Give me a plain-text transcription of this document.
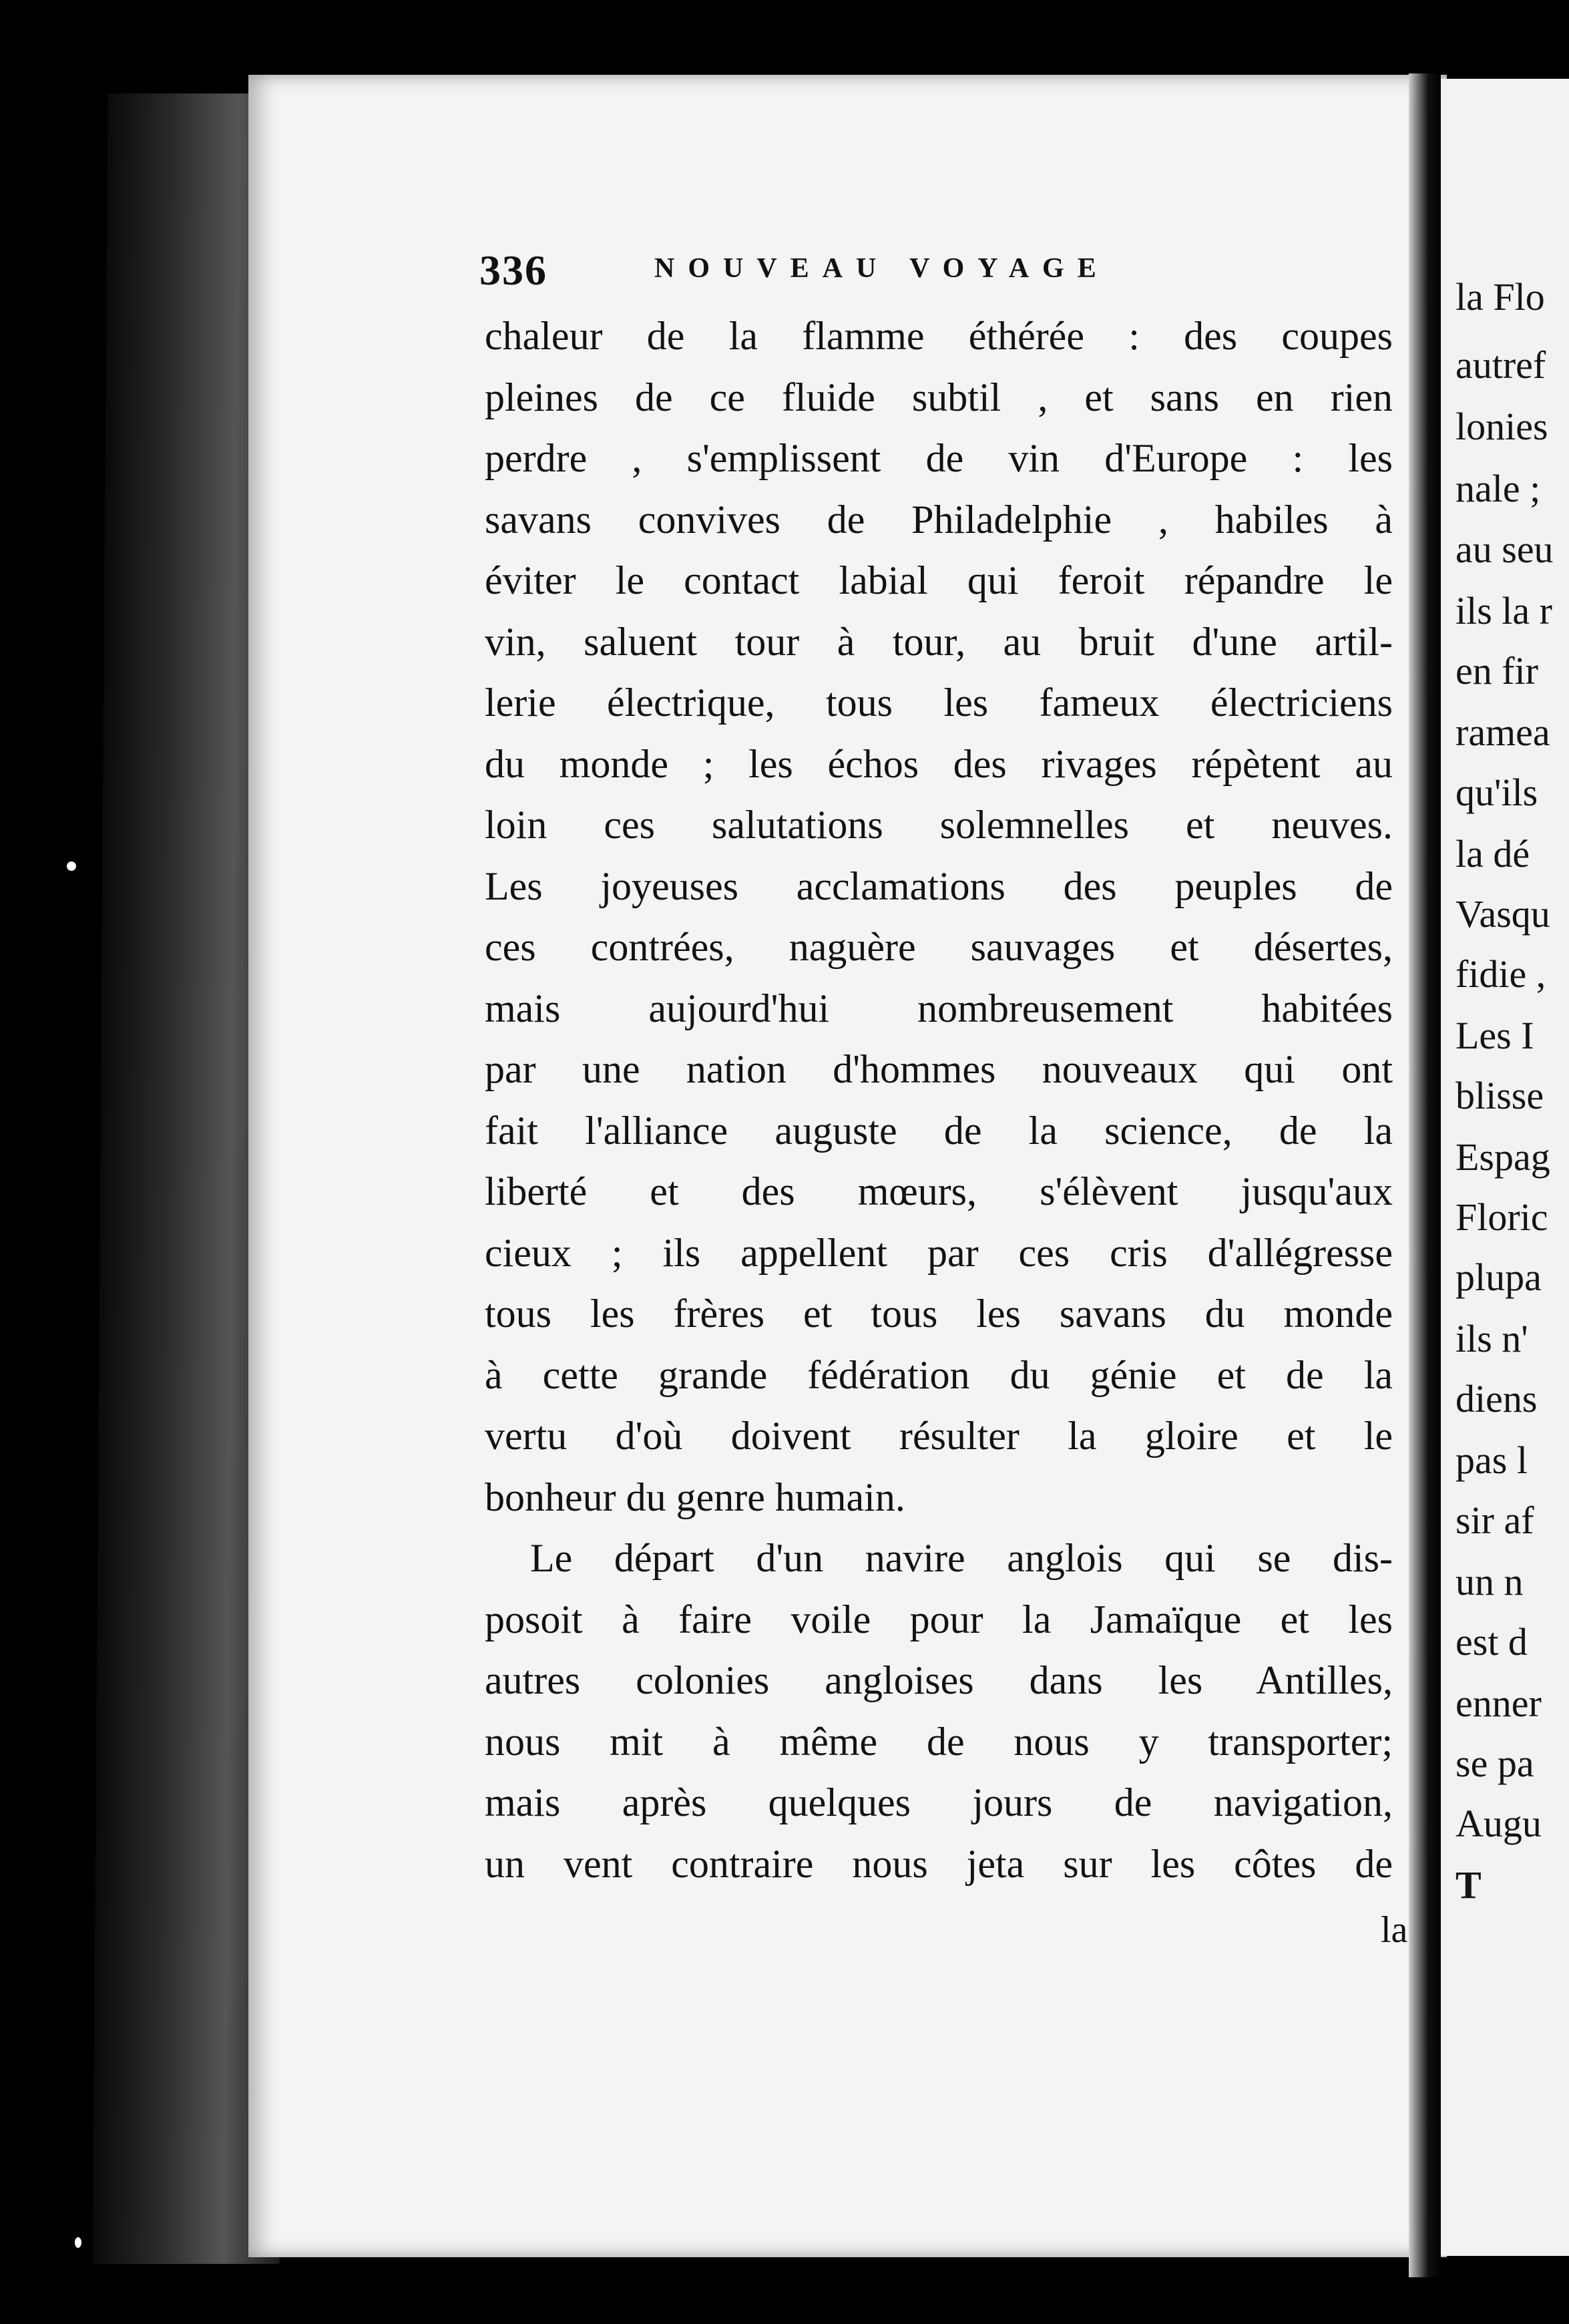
336	NOUVEAU VOYAGE
chaleur de la flamme éthérée : des coupes
pleines de ce fluide subtil , et sans en rien
perdre , s'emplissent de vin d'Europe : les
savans convives de Philadelphie , habiles à
éviter le contact labial qui feroit répandre le
vin, saluent tour à tour, au bruit d'une artil-
lerie électrique, tous les fameux électriciens
du monde ; les échos des rivages répètent au
loin ces salutations solemnelles et neuves.
Les joyeuses acclamations des peuples de
ces contrées, naguère sauvages et désertes,
mais aujourd'hui nombreusement habitées
par une nation d'hommes nouveaux qui ont
fait l'alliance auguste de la science, de la
liberté et des mœurs, s'élèvent jusqu'aux
cieux ; ils appellent par ces cris d'allégresse
tous les frères et tous les savans du monde
à cette grande fédération du génie et de la
vertu d'où doivent résulter la gloire et le
bonheur du genre humain.
Le départ d'un navire anglois qui se dis-
posoit à faire voile pour la Jamaïque et les
autres colonies angloises dans les Antilles,
nous mit à même de nous y transporter;
mais après quelques jours de navigation,
un vent contraire nous jeta sur les côtes de
la
la Flo
autref
lonies
nale ;
au seu
ils la r
en fir
ramea
qu'ils
la dé
Vasqu
fidie ,
Les I
blisse
Espag
Floric
plupa
ils n'
diens
pas l
sir af
un n
est d
enner
se pa
Augu
T
